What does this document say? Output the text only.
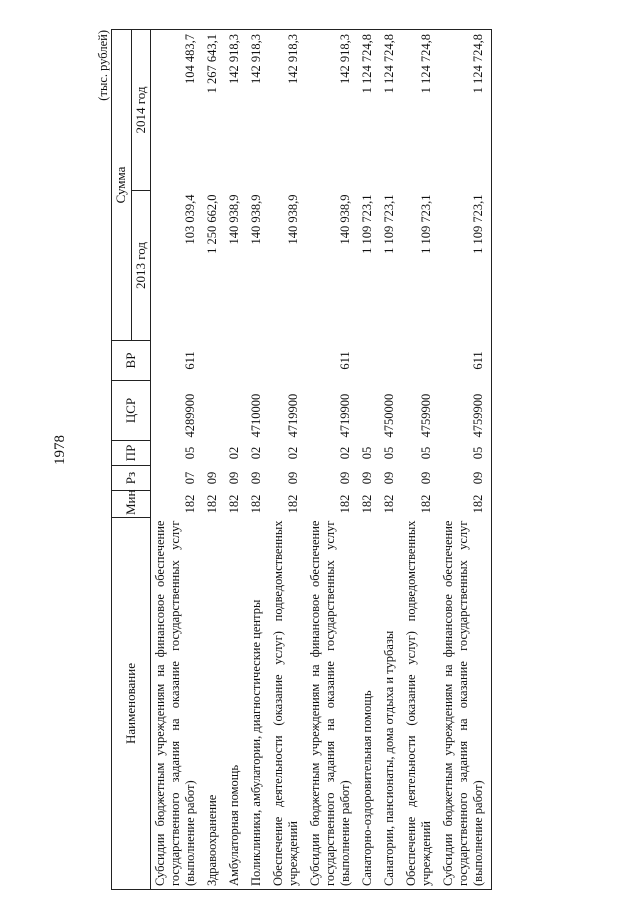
1978
(тыс. рублей)
Наименование	Мин	Рз	ПР	ЦСР	ВР	Сумма	
						2013 год	2014 год
Субсидии бюджетным учреждениям на финансовое обеспечение государственного задания на оказание государственных услуг (выполнение работ)	182	07	05	4289900	611	103 039,4	104 483,7
Здравоохранение	182	09				1 250 662,0	1 267 643,1
Амбулаторная помощь	182	09	02			140 938,9	142 918,3
Поликлиники, амбулатории, диагностические центры	182	09	02	4710000		140 938,9	142 918,3
Обеспечение деятельности (оказание услуг) подведомственных учреждений	182	09	02	4719900		140 938,9	142 918,3
Субсидии бюджетным учреждениям на финансовое обеспечение государственного задания на оказание государственных услуг (выполнение работ)	182	09	02	4719900	611	140 938,9	142 918,3
Санаторно-оздоровительная помощь	182	09	05			1 109 723,1	1 124 724,8
Санатории, пансионаты, дома отдыха и турбазы	182	09	05	4750000		1 109 723,1	1 124 724,8
Обеспечение деятельности (оказание услуг) подведомственных учреждений	182	09	05	4759900		1 109 723,1	1 124 724,8
Субсидии бюджетным учреждениям на финансовое обеспечение государственного задания на оказание государственных услуг (выполнение работ)	182	09	05	4759900	611	1 109 723,1	1 124 724,8
